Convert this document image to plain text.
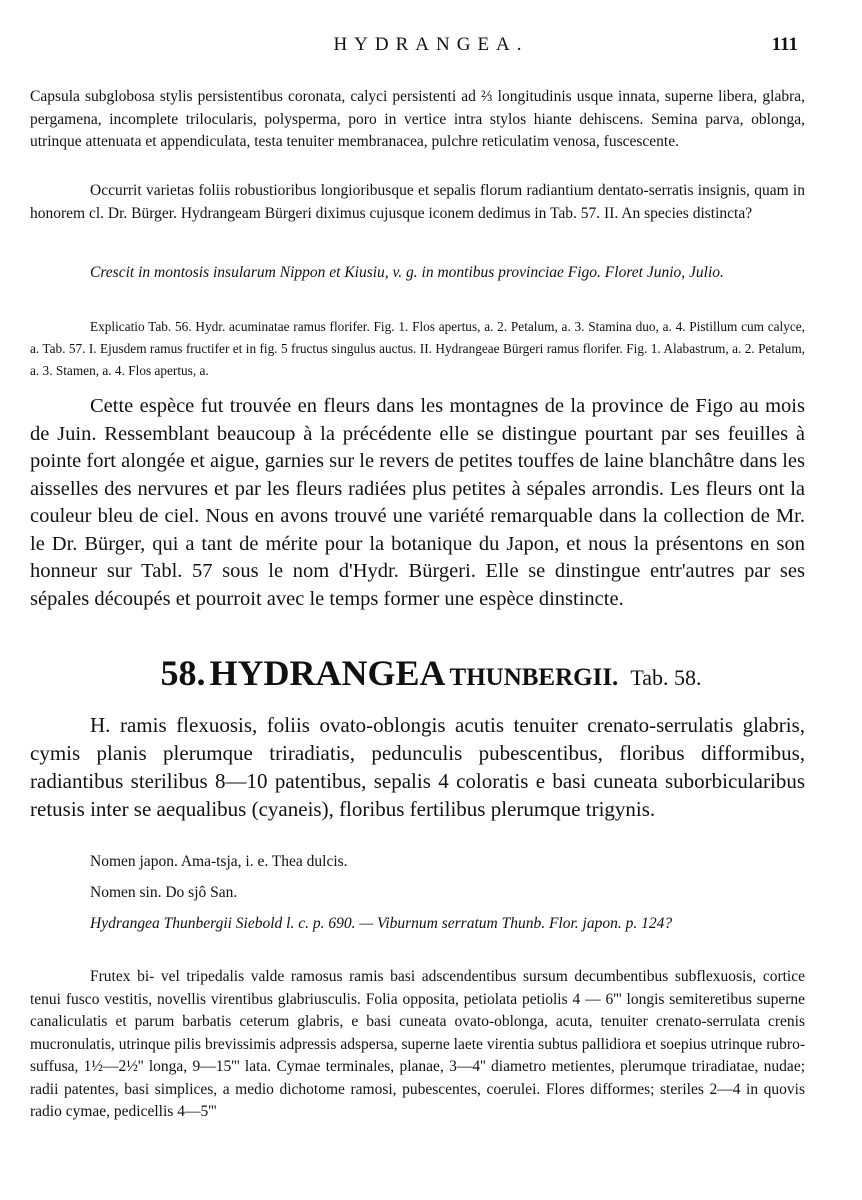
HYDRANGEA.	111
Capsula subglobosa stylis persistentibus coronata, calyci persistenti ad ⅔ longitudinis usque innata, superne libera, glabra, pergamena, incomplete trilocularis, polysperma, poro in vertice intra stylos hiante dehiscens. Semina parva, oblonga, utrinque attenuata et appendiculata, testa tenuiter membranacea, pulchre reticulatim venosa, fuscescente.
Occurrit varietas foliis robustioribus longioribusque et sepalis florum radiantium dentato-serratis insignis, quam in honorem cl. Dr. Bürger. Hydrangeam Bürgeri diximus cujusque iconem dedimus in Tab. 57. II. An species distincta?
Crescit in montosis insularum Nippon et Kiusiu, v. g. in montibus provinciae Figo. Floret Junio, Julio.
Explicatio Tab. 56. Hydr. acuminatae ramus florifer. Fig. 1. Flos apertus, a. 2. Petalum, a. 3. Stamina duo, a. 4. Pistillum cum calyce, a. Tab. 57. I. Ejusdem ramus fructifer et in fig. 5 fructus singulus auctus. II. Hydrangeae Bürgeri ramus florifer. Fig. 1. Alabastrum, a. 2. Petalum, a. 3. Stamen, a. 4. Flos apertus, a.
Cette espèce fut trouvée en fleurs dans les montagnes de la province de Figo au mois de Juin. Ressemblant beaucoup à la précédente elle se distingue pourtant par ses feuilles à pointe fort alongée et aigue, garnies sur le revers de petites touffes de laine blanchâtre dans les aisselles des nervures et par les fleurs radiées plus petites à sépales arrondis. Les fleurs ont la couleur bleu de ciel. Nous en avons trouvé une variété remarquable dans la collection de Mr. le Dr. Bürger, qui a tant de mérite pour la botanique du Japon, et nous la présentons en son honneur sur Tabl. 57 sous le nom d'Hydr. Bürgeri. Elle se dinstingue entr'autres par ses sépales découpés et pourroit avec le temps former une espèce dinstincte.
58. HYDRANGEA THUNBERGII. Tab. 58.
H. ramis flexuosis, foliis ovato-oblongis acutis tenuiter crenato-serrulatis glabris, cymis planis plerumque triradiatis, pedunculis pubescentibus, floribus difformibus, radiantibus sterilibus 8—10 patentibus, sepalis 4 coloratis e basi cuneata suborbicularibus retusis inter se aequalibus (cyaneis), floribus fertilibus plerumque trigynis.
Nomen japon. Ama-tsja, i. e. Thea dulcis.
Nomen sin. Do sjô San.
Hydrangea Thunbergii Siebold l. c. p. 690. — Viburnum serratum Thunb. Flor. japon. p. 124?
Frutex bi- vel tripedalis valde ramosus ramis basi adscendentibus sursum decumbentibus subflexuosis, cortice tenui fusco vestitis, novellis virentibus glabriusculis. Folia opposita, petiolata petiolis 4 — 6''' longis semiteretibus superne canaliculatis et parum barbatis ceterum glabris, e basi cuneata ovato-oblonga, acuta, tenuiter crenato-serrulata crenis mucronulatis, utrinque pilis brevissimis adpressis adspersa, superne laete virentia subtus pallidiora et soepius utrinque rubro-suffusa, 1½—2½'' longa, 9—15''' lata. Cymae terminales, planae, 3—4'' diametro metientes, plerumque triradiatae, nudae; radii patentes, basi simplices, a medio dichotome ramosi, pubescentes, coerulei. Flores difformes; steriles 2—4 in quovis radio cymae, pedicellis 4—5'''
